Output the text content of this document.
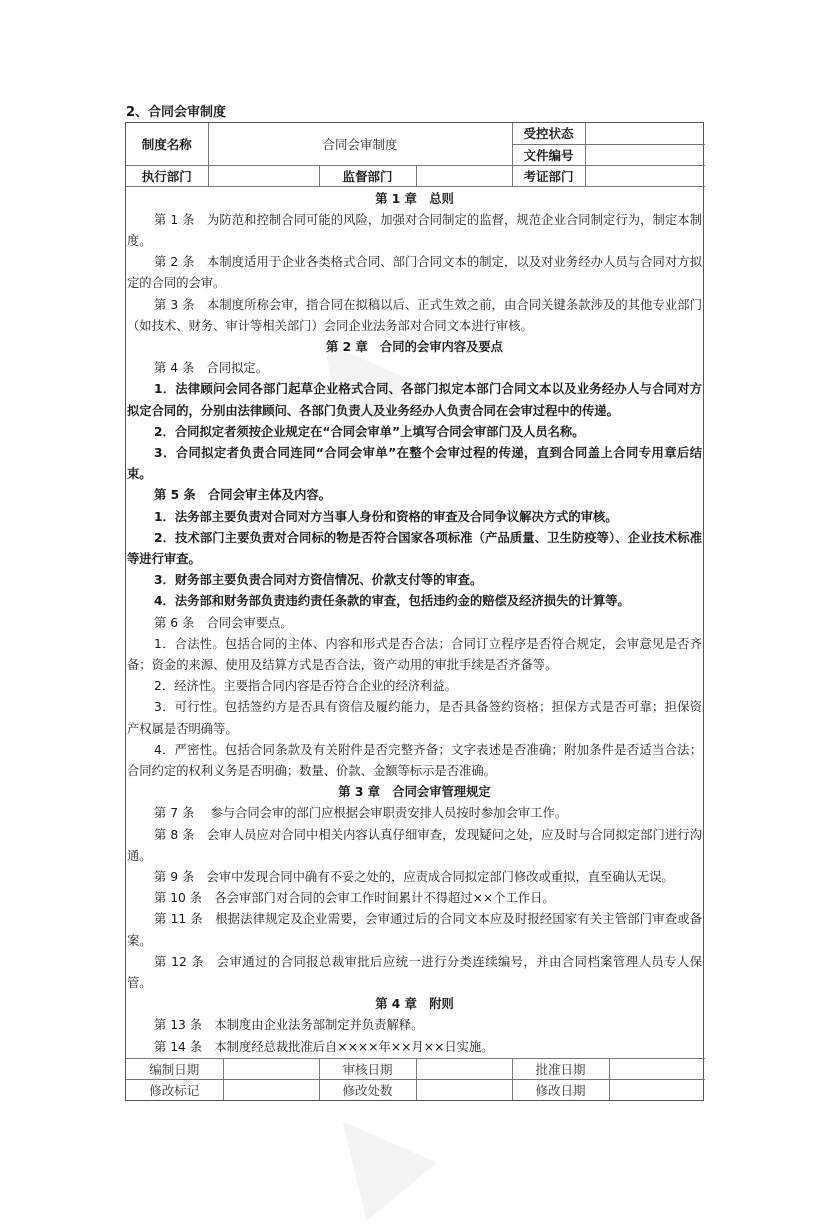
2、合同会审制度
制度名称	合同会审制度			受控状态	
				文件编号	
执行部门		监督部门		考证部门	
第 1 章　总则
第 1 条　为防范和控制合同可能的风险，加强对合同制定的监督，规范企业合同制定行为，制定本制度。
第 2 条　本制度适用于企业各类格式合同、部门合同文本的制定，以及对业务经办人员与合同对方拟定的合同的会审。
第 3 条　本制度所称会审，指合同在拟稿以后、正式生效之前，由合同关键条款涉及的其他专业部门（如技术、财务、审计等相关部门）会同企业法务部对合同文本进行审核。
第 2 章　合同的会审内容及要点
第 4 条　合同拟定。
1．法律顾问会同各部门起草企业格式合同、各部门拟定本部门合同文本以及业务经办人与合同对方拟定合同的，分别由法律顾问、各部门负责人及业务经办人负责合同在会审过程中的传递。
2．合同拟定者须按企业规定在“合同会审单”上填写合同会审部门及人员名称。
3．合同拟定者负责合同连同“合同会审单”在整个会审过程的传递，直到合同盖上合同专用章后结束。
第 5 条　合同会审主体及内容。
1．法务部主要负责对合同对方当事人身份和资格的审查及合同争议解决方式的审核。
2．技术部门主要负责对合同标的物是否符合国家各项标准（产品质量、卫生防疫等）、企业技术标准等进行审查。
3．财务部主要负责合同对方资信情况、价款支付等的审查。
4．法务部和财务部负责违约责任条款的审查，包括违约金的赔偿及经济损失的计算等。
第 6 条　合同会审要点。
1．合法性。包括合同的主体、内容和形式是否合法；合同订立程序是否符合规定，会审意见是否齐备；资金的来源、使用及结算方式是否合法，资产动用的审批手续是否齐备等。
2．经济性。主要指合同内容是否符合企业的经济利益。
3．可行性。包括签约方是否具有资信及履约能力，是否具备签约资格；担保方式是否可靠；担保资产权属是否明确等。
4．严密性。包括合同条款及有关附件是否完整齐备；文字表述是否准确；附加条件是否适当合法；合同约定的权利义务是否明确；数量、价款、金额等标示是否准确。
第 3 章　合同会审管理规定
第 7 条　 参与合同会审的部门应根据会审职责安排人员按时参加会审工作。
第 8 条　会审人员应对合同中相关内容认真仔细审查，发现疑问之处，应及时与合同拟定部门进行沟通。
第 9 条　会审中发现合同中确有不妥之处的，应责成合同拟定部门修改或重拟，直至确认无误。
第 10 条　各会审部门对合同的会审工作时间累计不得超过××个工作日。
第 11 条　根据法律规定及企业需要，会审通过后的合同文本应及时报经国家有关主管部门审查或备案。
第 12 条　会审通过的合同报总裁审批后应统一进行分类连续编号，并由合同档案管理人员专人保管。
第 4 章　附则
第 13 条　本制度由企业法务部制定并负责解释。
第 14 条　本制度经总裁批准后自××××年××月××日实施。
编制日期		审核日期		批准日期	
修改标记		修改处数		修改日期	
